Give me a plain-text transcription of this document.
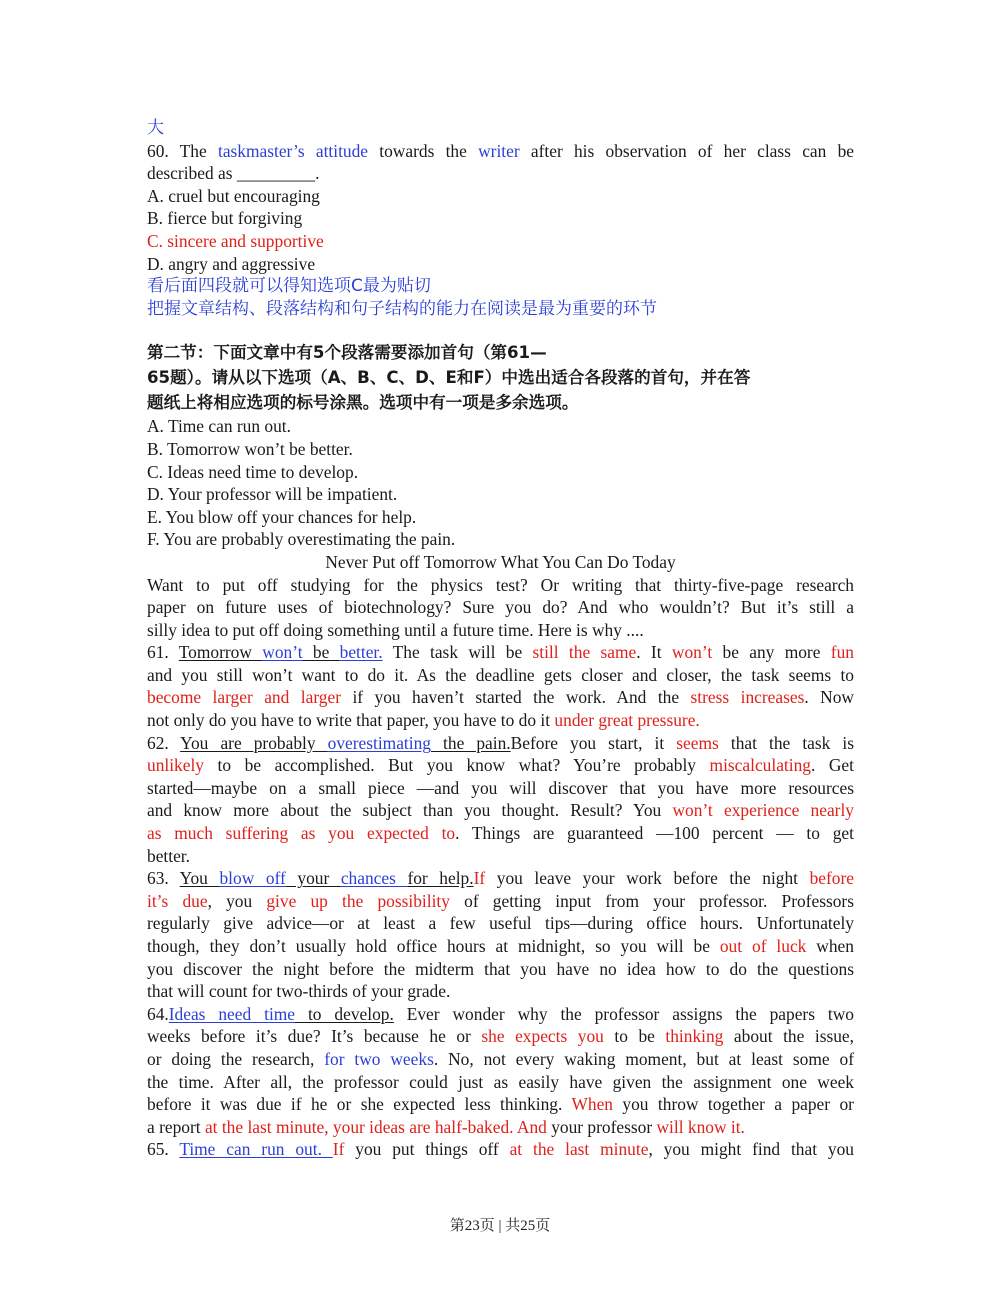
大
60. The taskmaster’s attitude towards the writer after his observation of her class can be
described as _________.
A. cruel but encouraging
B. fierce but forgiving
C. sincere and supportive
D. angry and aggressive
看后面四段就可以得知选项C最为贴切
把握文章结构、段落结构和句子结构的能力在阅读是最为重要的环节
第二节：下面文章中有5个段落需要添加首句（第61—
65题）。请从以下选项（A、B、C、D、E和F）中选出适合各段落的首句，并在答
题纸上将相应选项的标号涂黑。选项中有一项是多余选项。
A. Time can run out.
B. Tomorrow won’t be better.
C. Ideas need time to develop.
D. Your professor will be impatient.
E. You blow off your chances for help.
F. You are probably overestimating the pain.
Never Put off Tomorrow What You Can Do Today
Want to put off studying for the physics test? Or writing that thirty-five-page research
paper on future uses of biotechnology? Sure you do? And who wouldn’t? But it’s still a
silly idea to put off doing something until a future time. Here is why ....
61. Tomorrow won’t be better. The task will be still the same. It won’t be any more fun
and you still won’t want to do it. As the deadline gets closer and closer, the task seems to
become larger and larger if you haven’t started the work. And the stress increases. Now
not only do you have to write that paper, you have to do it under great pressure.
62. You are probably overestimating the pain.Before you start, it seems that the task is
unlikely to be accomplished. But you know what? You’re probably miscalculating. Get
started—maybe on a small piece —and you will discover that you have more resources
and know more about the subject than you thought. Result? You won’t experience nearly
as much suffering as you expected to. Things are guaranteed —100 percent — to get
better.
63. You blow off your chances for help.If you leave your work before the night before
it’s due, you give up the possibility of getting input from your professor. Professors
regularly give advice—or at least a few useful tips—during office hours. Unfortunately
though, they don’t usually hold office hours at midnight, so you will be out of luck when
you discover the night before the midterm that you have no idea how to do the questions
that will count for two-thirds of your grade.
64.Ideas need time to develop. Ever wonder why the professor assigns the papers two
weeks before it’s due? It’s because he or she expects you to be thinking about the issue,
or doing the research, for two weeks. No, not every waking moment, but at least some of
the time. After all, the professor could just as easily have given the assignment one week
before it was due if he or she expected less thinking. When you throw together a paper or
a report at the last minute, your ideas are half-baked. And your professor will know it.
65. Time can run out. If you put things off at the last minute, you might find that you
第23页 | 共25页
